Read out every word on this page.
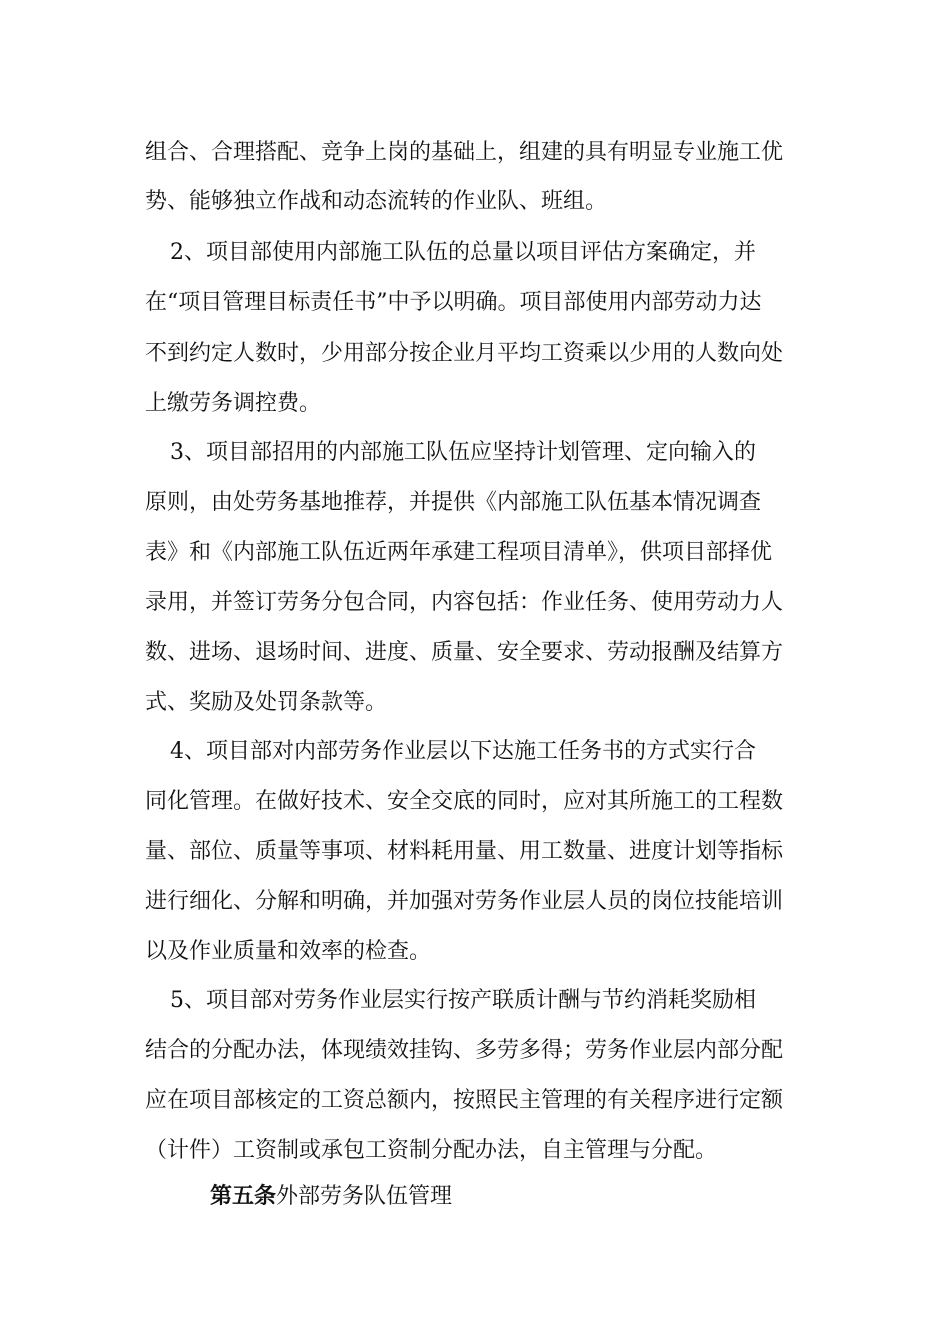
组合、合理搭配、竞争上岗的基础上，组建的具有明显专业施工优
势、能够独立作战和动态流转的作业队、班组。
2、项目部使用内部施工队伍的总量以项目评估方案确定，并
在“项目管理目标责任书”中予以明确。项目部使用内部劳动力达
不到约定人数时，少用部分按企业月平均工资乘以少用的人数向处
上缴劳务调控费。
3、项目部招用的内部施工队伍应坚持计划管理、定向输入的
原则，由处劳务基地推荐，并提供《内部施工队伍基本情况调查
表》和《内部施工队伍近两年承建工程项目清单》，供项目部择优
录用，并签订劳务分包合同，内容包括：作业任务、使用劳动力人
数、进场、退场时间、进度、质量、安全要求、劳动报酬及结算方
式、奖励及处罚条款等。
4、项目部对内部劳务作业层以下达施工任务书的方式实行合
同化管理。在做好技术、安全交底的同时，应对其所施工的工程数
量、部位、质量等事项、材料耗用量、用工数量、进度计划等指标
进行细化、分解和明确，并加强对劳务作业层人员的岗位技能培训
以及作业质量和效率的检查。
5、项目部对劳务作业层实行按产联质计酬与节约消耗奖励相
结合的分配办法，体现绩效挂钩、多劳多得；劳务作业层内部分配
应在项目部核定的工资总额内，按照民主管理的有关程序进行定额
（计件）工资制或承包工资制分配办法，自主管理与分配。
第五条外部劳务队伍管理
